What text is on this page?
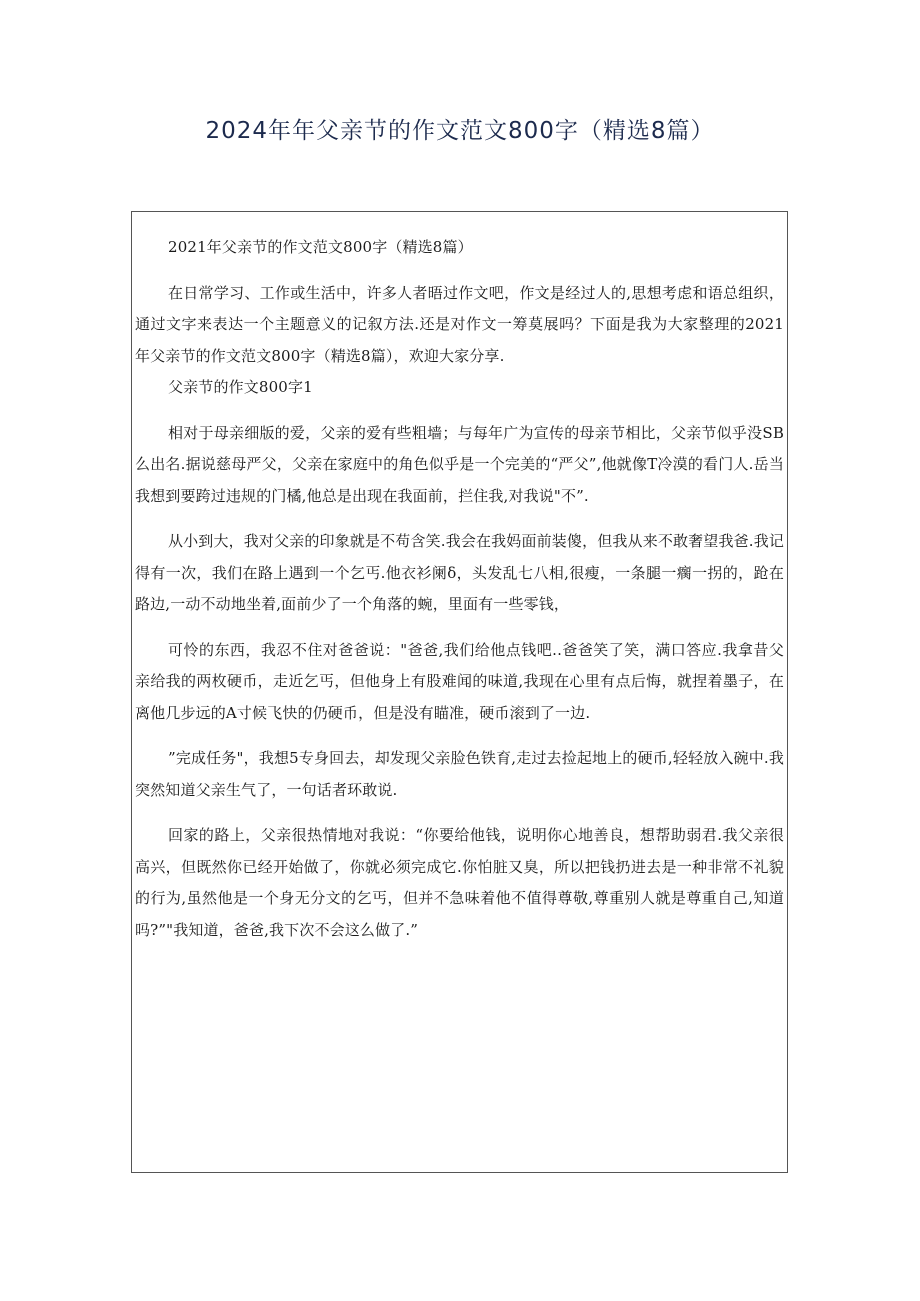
2024年年父亲节的作文范文800字（精选8篇）

2021年父亲节的作文范文800字（精选8篇）

在日常学习、工作或生活中，许多人者晤过作文吧，作文是经过人的,思想考虑和语总组织，通过文字来表达一个主题意义的记叙方法.还是对作文一筹莫展吗？下面是我为大家整理的2021年父亲节的作文范文800字（精选8篇），欢迎大家分享.

父亲节的作文800字1

相对于母亲细版的爱，父亲的爱有些粗墙；与每年广为宣传的母亲节相比，父亲节似乎没SB么出名.据说慈母严父，父亲在家庭中的角色似乎是一个完美的“严父”,他就像T冷漠的看门人.岳当我想到要跨过违规的门橘,他总是出现在我面前，拦住我,对我说"不”.

从小到大，我对父亲的印象就是不苟含笑.我会在我妈面前装傻，但我从来不敢奢望我爸.我记得有一次，我们在路上遇到一个乞丐.他衣衫阑δ，头发乱七八相,很瘦，一条腿一瘸一拐的，跄在路边,一动不动地坐着,面前少了一个角落的蜿，里面有一些零钱，

可怜的东西，我忍不住对爸爸说："爸爸,我们给他点钱吧..爸爸笑了笑，满口答应.我拿昔父亲给我的两枚硬币，走近乞丐，但他身上有股难闻的味道,我现在心里有点后悔，就捏着墨子，在离他几步远的A寸候飞快的仍硬币，但是没有瞄准，硬币滚到了一边.

”完成任务"，我想5专身回去，却发现父亲脸色铁育,走过去捡起地上的硬币,轻轻放入碗中.我突然知道父亲生气了，一句话者环敢说.

回家的路上，父亲很热情地对我说：“你要给他钱，说明你心地善良，想帮助弱君.我父亲很高兴，但既然你已经开始做了，你就必须完成它.你怕脏又臭，所以把钱扔进去是一种非常不礼貌的行为,虽然他是一个身无分文的乞丐，但并不急味着他不值得尊敬,尊重别人就是尊重自己,知道吗?”"我知道，爸爸,我下次不会这么做了.”
